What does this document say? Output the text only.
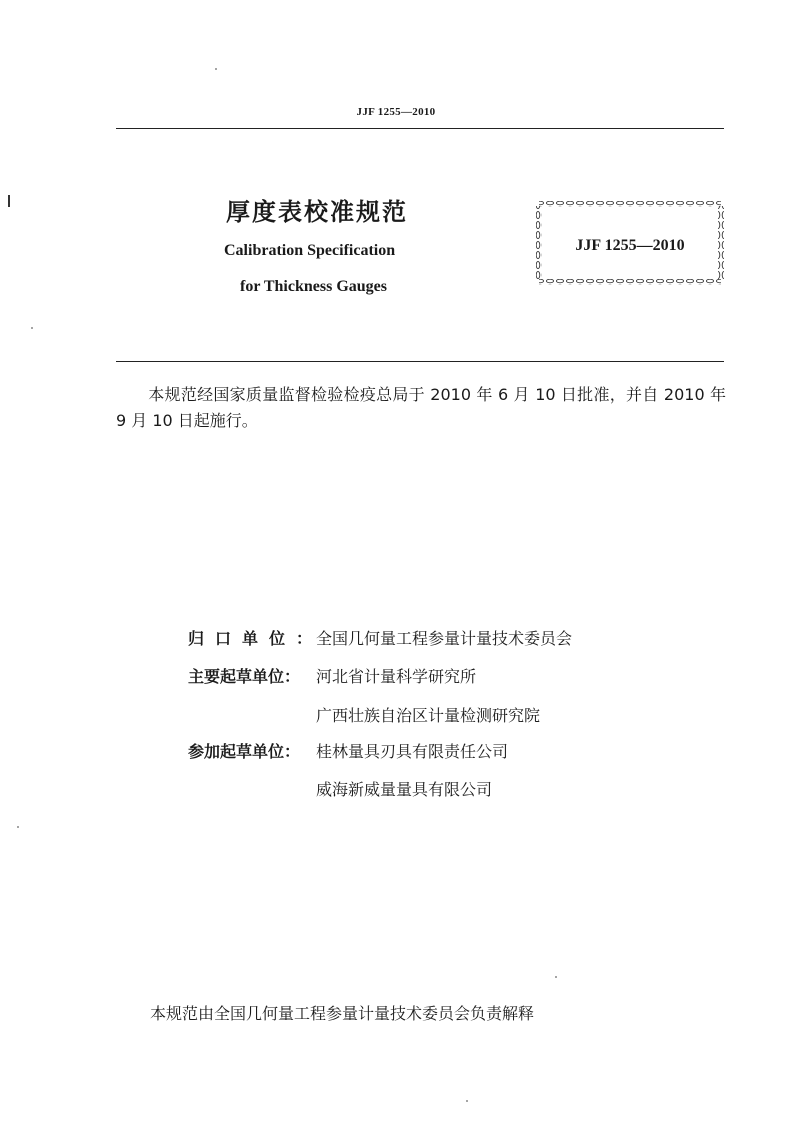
JJF 1255—2010
厚度表校准规范
Calibration Specification
for Thickness Gauges
JJF 1255—2010
本规范经国家质量监督检验检疫总局于 2010 年 6 月 10 日批准，并自 2010 年 9 月 10 日起施行。
归口单位：全国几何量工程参量计量技术委员会
主要起草单位： 河北省计量科学研究所
广西壮族自治区计量检测研究院
参加起草单位： 桂林量具刃具有限责任公司
威海新威量量具有限公司
本规范由全国几何量工程参量计量技术委员会负责解释
